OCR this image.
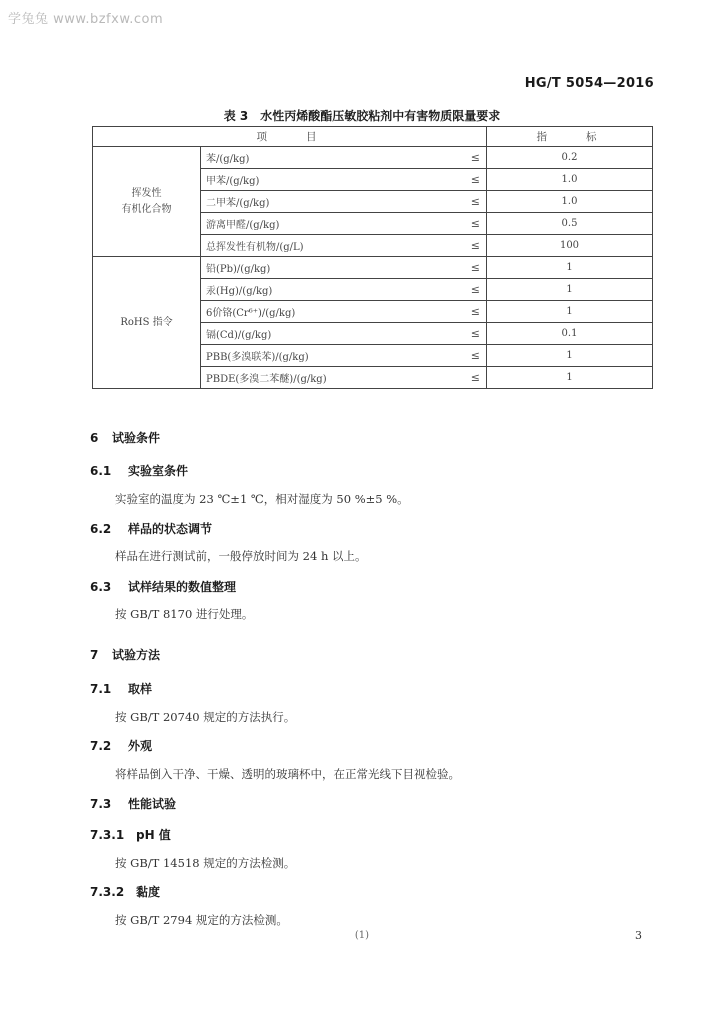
学兔兔 www.bzfxw.com
HG/T 5054—2016
表 3　水性丙烯酸酯压敏胶粘剂中有害物质限量要求
项　　目			指　　标
挥发性
有机化合物	苯/(g/kg)	≤	0.2
	甲苯/(g/kg)	≤	1.0
	二甲苯/(g/kg)	≤	1.0
	游离甲醛/(g/kg)	≤	0.5
	总挥发性有机物/(g/L)	≤	100
RoHS 指令	铅(Pb)/(g/kg)	≤	1
	汞(Hg)/(g/kg)	≤	1
	6价铬(Cr⁶⁺)/(g/kg)	≤	1
	镉(Cd)/(g/kg)	≤	0.1
	PBB(多溴联苯)/(g/kg)	≤	1
	PBDE(多溴二苯醚)/(g/kg)	≤	1
6 试验条件
6.1 实验室条件
实验室的温度为 23 ℃±1 ℃，相对湿度为 50 %±5 %。
6.2 样品的状态调节
样品在进行测试前，一般停放时间为 24 h 以上。
6.3 试样结果的数值整理
按 GB/T 8170 进行处理。
7 试验方法
7.1 取样
按 GB/T 20740 规定的方法执行。
7.2 外观
将样品倒入干净、干燥、透明的玻璃杯中，在正常光线下目视检验。
7.3 性能试验
7.3.1 pH 值
按 GB/T 14518 规定的方法检测。
7.3.2 黏度
按 GB/T 2794 规定的方法检测。
(1)	3
